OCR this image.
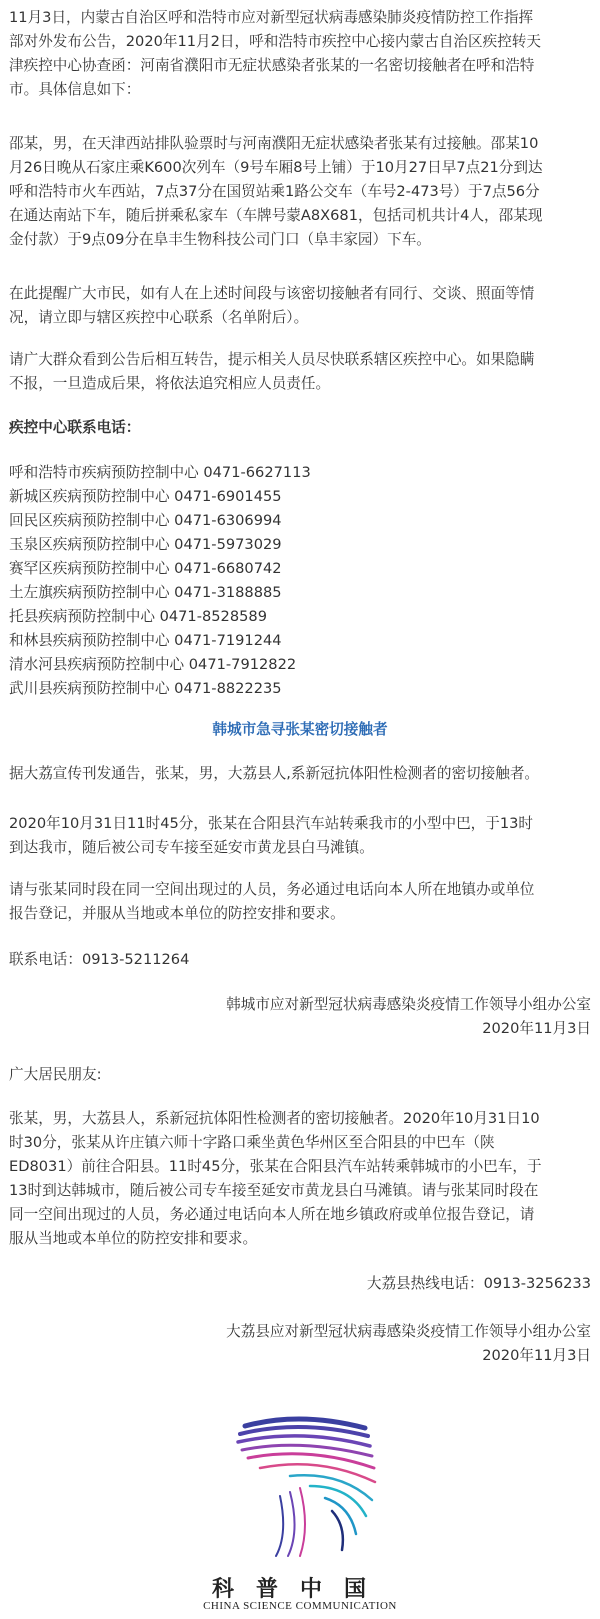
11月3日，内蒙古自治区呼和浩特市应对新型冠状病毒感染肺炎疫情防控工作指挥

部对外发布公告，2020年11月2日，呼和浩特市疾控中心接内蒙古自治区疾控转天

津疾控中心协查函：河南省濮阳市无症状感染者张某的一名密切接触者在呼和浩特

市。具体信息如下：

邵某，男，在天津西站排队验票时与河南濮阳无症状感染者张某有过接触。邵某10

月26日晚从石家庄乘K600次列车（9号车厢8号上铺）于10月27日早7点21分到达

呼和浩特市火车西站，7点37分在国贸站乘1路公交车（车号2-473号）于7点56分

在通达南站下车，随后拼乘私家车（车牌号蒙A8X681，包括司机共计4人，邵某现

金付款）于9点09分在阜丰生物科技公司门口（阜丰家园）下车。

在此提醒广大市民，如有人在上述时间段与该密切接触者有同行、交谈、照面等情

况，请立即与辖区疾控中心联系（名单附后）。

请广大群众看到公告后相互转告，提示相关人员尽快联系辖区疾控中心。如果隐瞒

不报，一旦造成后果，将依法追究相应人员责任。

疾控中心联系电话：

呼和浩特市疾病预防控制中心 0471-6627113

新城区疾病预防控制中心 0471-6901455

回民区疾病预防控制中心 0471-6306994

玉泉区疾病预防控制中心 0471-5973029

赛罕区疾病预防控制中心 0471-6680742

土左旗疾病预防控制中心 0471-3188885

托县疾病预防控制中心 0471-8528589

和林县疾病预防控制中心 0471-7191244

清水河县疾病预防控制中心 0471-7912822

武川县疾病预防控制中心 0471-8822235

韩城市急寻张某密切接触者

据大荔宣传刊发通告，张某，男，大荔县人,系新冠抗体阳性检测者的密切接触者。

2020年10月31日11时45分，张某在合阳县汽车站转乘我市的小型中巴，于13时

到达我市，随后被公司专车接至延安市黄龙县白马滩镇。

请与张某同时段在同一空间出现过的人员，务必通过电话向本人所在地镇办或单位

报告登记，并服从当地或本单位的防控安排和要求。

联系电话：0913-5211264

韩城市应对新型冠状病毒感染炎疫情工作领导小组办公室

2020年11月3日

广大居民朋友:

张某，男，大荔县人，系新冠抗体阳性检测者的密切接触者。2020年10月31日10

时30分，张某从许庄镇六师十字路口乘坐黄色华州区至合阳县的中巴车（陕

ED8031）前往合阳县。11时45分，张某在合阳县汽车站转乘韩城市的小巴车，于

13时到达韩城市，随后被公司专车接至延安市黄龙县白马滩镇。请与张某同时段在

同一空间出现过的人员，务必通过电话向本人所在地乡镇政府或单位报告登记，请

服从当地或本单位的防控安排和要求。

大荔县热线电话：0913-3256233

大荔县应对新型冠状病毒感染炎疫情工作领导小组办公室

2020年11月3日

科普中国
CHINA SCIENCE COMMUNICATION
